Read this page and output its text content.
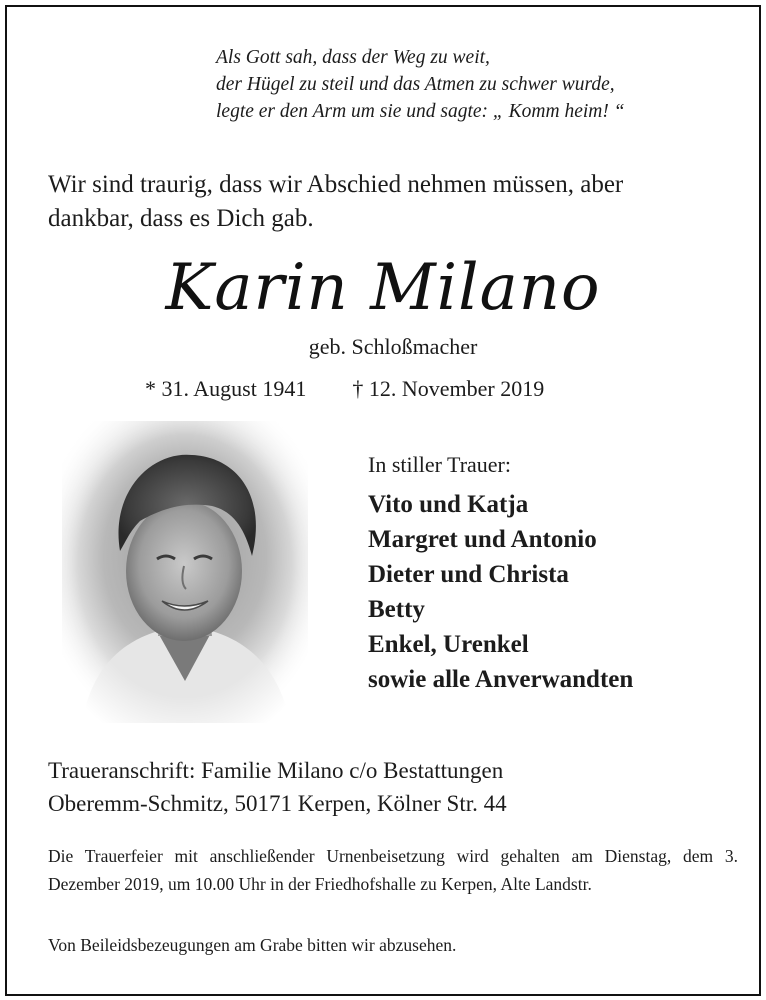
Als Gott sah, dass der Weg zu weit,
der Hügel zu steil und das Atmen zu schwer wurde,
legte er den Arm um sie und sagte: „ Komm heim! “
Wir sind traurig, dass wir Abschied nehmen müssen, aber
dankbar, dass es Dich gab.
Karin Milano
geb. Schloßmacher
* 31. August 1941 † 12. November 2019
In stiller Trauer:
Vito und Katja
Margret und Antonio
Dieter und Christa
Betty
Enkel, Urenkel
sowie alle Anverwandten
Traueranschrift: Familie Milano c/o Bestattungen
Oberemm-Schmitz, 50171 Kerpen, Kölner Str. 44
Die Trauerfeier mit anschließender Urnenbeisetzung wird gehalten am Dienstag, dem 3. Dezember 2019, um 10.00 Uhr in der Friedhofshalle zu Kerpen, Alte Landstr.
Von Beileidsbezeugungen am Grabe bitten wir abzusehen.
